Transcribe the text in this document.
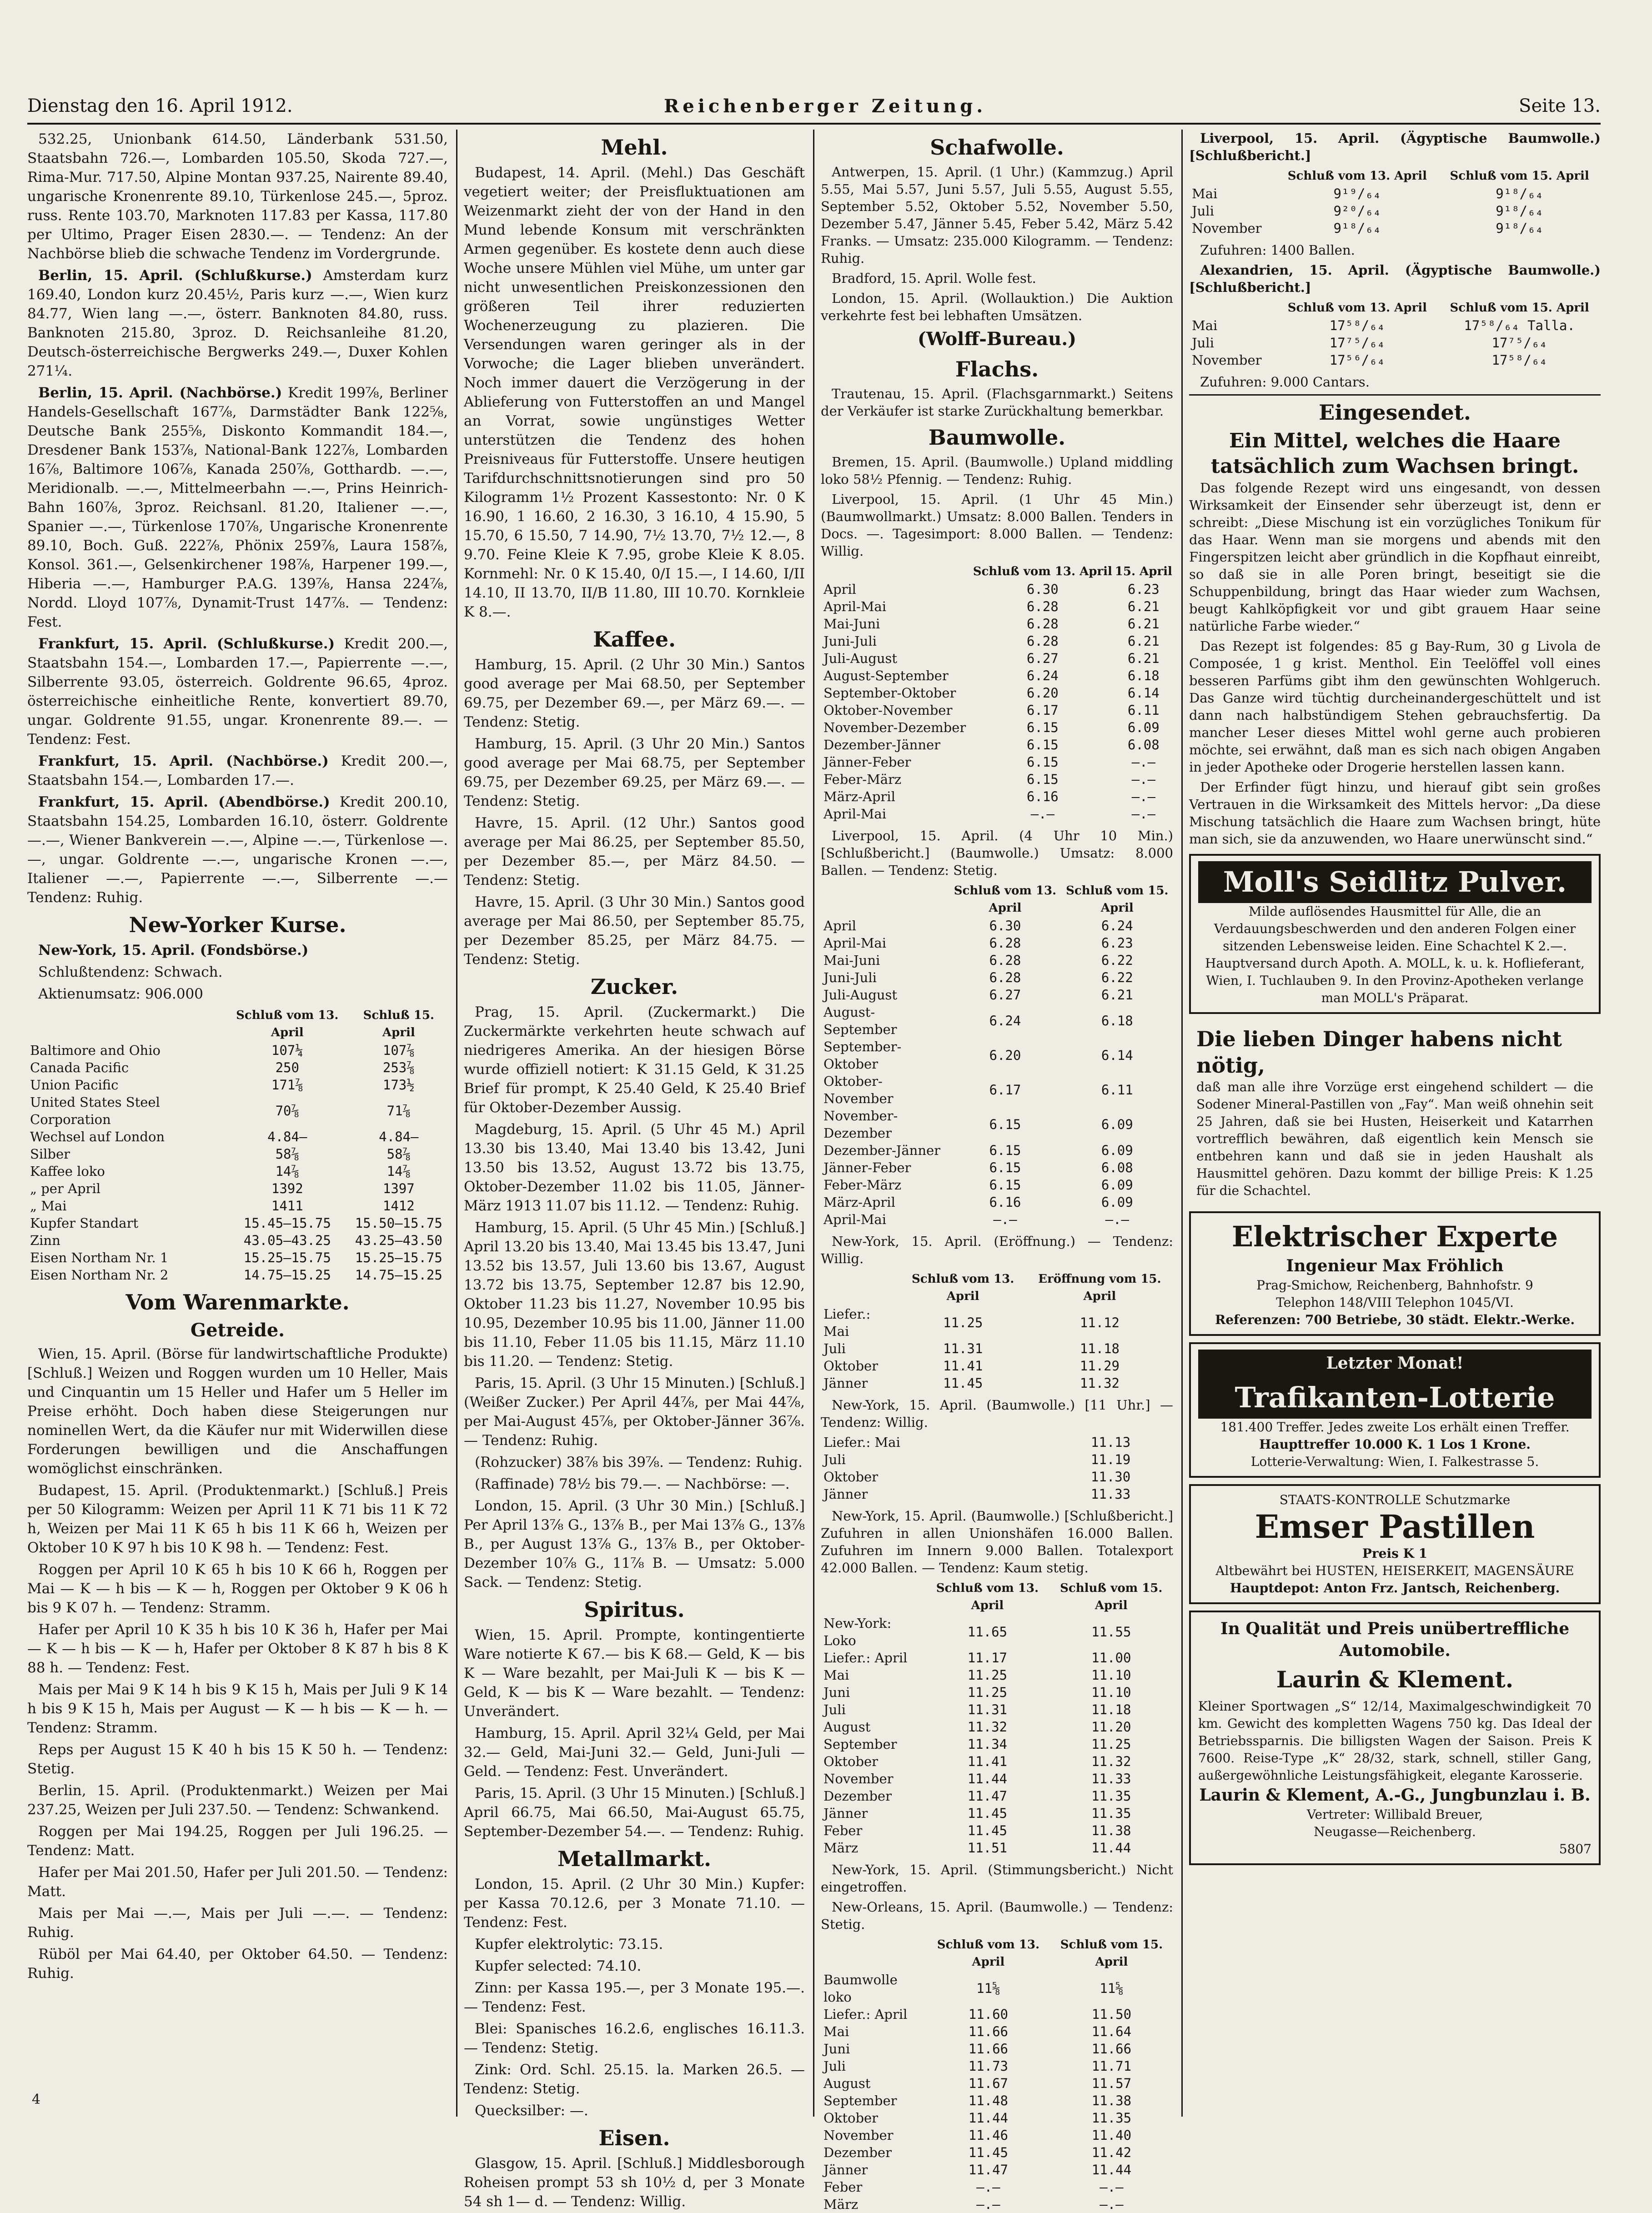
Dienstag den 16. April 1912.	Reichenberger Zeitung.	Seite 13.

532.25, Unionbank 614.50, Länderbank 531.50, Staatsbahn 726.—, Lombarden 105.50, Skoda 727.—, Rima-Mur. 717.50, Alpine Montan 937.25, Nairente 89.40, ungarische Kronenrente 89.10, Türkenlose 245.—, 5proz. russ. Rente 103.70, Marknoten 117.83 per Kassa, 117.80 per Ultimo, Prager Eisen 2830.—. — Tendenz: An der Nachbörse blieb die schwache Tendenz im Vordergrunde.

Berlin, 15. April. (Schlußkurse.) Amsterdam kurz 169.40, London kurz 20.45½, Paris kurz —.—, Wien kurz 84.77, Wien lang —.—, österr. Banknoten 84.80, russ. Banknoten 215.80, 3proz. D. Reichsanleihe 81.20, Deutsch-österreichische Bergwerks 249.—, Duxer Kohlen 271¼.

Berlin, 15. April. (Nachbörse.) Kredit 199⅞, Berliner Handels-Gesellschaft 167⅞, Darmstädter Bank 122⅝, Deutsche Bank 255⅝, Diskonto Kommandit 184.—, Dresdener Bank 153⅞, National-Bank 122⅞, Lombarden 16⅞, Baltimore 106⅞, Kanada 250⅞, Gotthardb. —.—, Meridionalb. —.—, Mittelmeerbahn —.—, Prins Heinrich-Bahn 160⅞, 3proz. Reichsanl. 81.20, Italiener —.—, Spanier —.—, Türkenlose 170⅞, Ungarische Kronenrente 89.10, Boch. Guß. 222⅞, Phönix 259⅞, Laura 158⅞, Konsol. 361.—, Gelsenkirchener 198⅞, Harpener 199.—, Hiberia —.—, Hamburger P.A.G. 139⅞, Hansa 224⅞, Nordd. Lloyd 107⅞, Dynamit-Trust 147⅞. — Tendenz: Fest.

Frankfurt, 15. April. (Schlußkurse.) Kredit 200.—, Staatsbahn 154.—, Lombarden 17.—, Papierrente —.—, Silberrente 93.05, österreich. Goldrente 96.65, 4proz. österreichische einheitliche Rente, konvertiert 89.70, ungar. Goldrente 91.55, ungar. Kronenrente 89.—. — Tendenz: Fest.

Frankfurt, 15. April. (Nachbörse.) Kredit 200.—, Staatsbahn 154.—, Lombarden 17.—.

Frankfurt, 15. April. (Abendbörse.) Kredit 200.10, Staatsbahn 154.25, Lombarden 16.10, österr. Goldrente —.—, Wiener Bankverein —.—, Alpine —.—, Türkenlose —.—, ungar. Goldrente —.—, ungarische Kronen —.—, Italiener —.—, Papierrente —.—, Silberrente —.— Tendenz: Ruhig.

New-Yorker Kurse.

New-York, 15. April. (Fondsbörse.)

Schlußtendenz: Schwach.

Aktienumsatz: 906.000

	Schluß vom 13. April	Schluß 15. April
Baltimore and Ohio	107¼	107⅞
Canada Pacific	250	253⅞
Union Pacific	171⅞	173½
United States Steel Corporation	70⅞	71⅞
Wechsel auf London	4.84—	4.84—
Silber	58⅞	58⅞
Kaffee loko	14⅞	14⅞
„ per April	1392	1397
„ Mai	1411	1412
Kupfer Standart	15.45—15.75	15.50—15.75
Zinn	43.05—43.25	43.25—43.50
Eisen Northam Nr. 1	15.25—15.75	15.25—15.75
Eisen Northam Nr. 2	14.75—15.25	14.75—15.25
Vom Warenmarkte.
Getreide.

Wien, 15. April. (Börse für landwirtschaftliche Produkte) [Schluß.] Weizen und Roggen wurden um 10 Heller, Mais und Cinquantin um 15 Heller und Hafer um 5 Heller im Preise erhöht. Doch haben diese Steigerungen nur nominellen Wert, da die Käufer nur mit Widerwillen diese Forderungen bewilligen und die Anschaffungen womöglichst einschränken.

Budapest, 15. April. (Produktenmarkt.) [Schluß.] Preis per 50 Kilogramm: Weizen per April 11 K 71 bis 11 K 72 h, Weizen per Mai 11 K 65 h bis 11 K 66 h, Weizen per Oktober 10 K 97 h bis 10 K 98 h. — Tendenz: Fest.

Roggen per April 10 K 65 h bis 10 K 66 h, Roggen per Mai — K — h bis — K — h, Roggen per Oktober 9 K 06 h bis 9 K 07 h. — Tendenz: Stramm.

Hafer per April 10 K 35 h bis 10 K 36 h, Hafer per Mai — K — h bis — K — h, Hafer per Oktober 8 K 87 h bis 8 K 88 h. — Tendenz: Fest.

Mais per Mai 9 K 14 h bis 9 K 15 h, Mais per Juli 9 K 14 h bis 9 K 15 h, Mais per August — K — h bis — K — h. — Tendenz: Stramm.

Reps per August 15 K 40 h bis 15 K 50 h. — Tendenz: Stetig.

Berlin, 15. April. (Produktenmarkt.) Weizen per Mai 237.25, Weizen per Juli 237.50. — Tendenz: Schwankend.

Roggen per Mai 194.25, Roggen per Juli 196.25. — Tendenz: Matt.

Hafer per Mai 201.50, Hafer per Juli 201.50. — Tendenz: Matt.

Mais per Mai —.—, Mais per Juli —.—. — Tendenz: Ruhig.

Rüböl per Mai 64.40, per Oktober 64.50. — Tendenz: Ruhig.

Mehl.

Budapest, 14. April. (Mehl.) Das Geschäft vegetiert weiter; der Preisfluktuationen am Weizenmarkt zieht der von der Hand in den Mund lebende Konsum mit verschränkten Armen gegenüber. Es kostete denn auch diese Woche unsere Mühlen viel Mühe, um unter gar nicht unwesentlichen Preiskonzessionen den größeren Teil ihrer reduzierten Wochenerzeugung zu plazieren. Die Versendungen waren geringer als in der Vorwoche; die Lager blieben unverändert. Noch immer dauert die Verzögerung in der Ablieferung von Futterstoffen an und Mangel an Vorrat, sowie ungünstiges Wetter unterstützen die Tendenz des hohen Preisniveaus für Futterstoffe. Unsere heutigen Tarifdurchschnittsnotierungen sind pro 50 Kilogramm 1½ Prozent Kassestonto: Nr. 0 K 16.90, 1 16.60, 2 16.30, 3 16.10, 4 15.90, 5 15.70, 6 15.50, 7 14.90, 7½ 13.70, 7½ 12.—, 8 9.70. Feine Kleie K 7.95, grobe Kleie K 8.05. Kornmehl: Nr. 0 K 15.40, 0/I 15.—, I 14.60, I/II 14.10, II 13.70, II/B 11.80, III 10.70. Kornkleie K 8.—.

Kaffee.

Hamburg, 15. April. (2 Uhr 30 Min.) Santos good average per Mai 68.50, per September 69.75, per Dezember 69.—, per März 69.—. — Tendenz: Stetig.

Hamburg, 15. April. (3 Uhr 20 Min.) Santos good average per Mai 68.75, per September 69.75, per Dezember 69.25, per März 69.—. — Tendenz: Stetig.

Havre, 15. April. (12 Uhr.) Santos good average per Mai 86.25, per September 85.50, per Dezember 85.—, per März 84.50. — Tendenz: Stetig.

Havre, 15. April. (3 Uhr 30 Min.) Santos good average per Mai 86.50, per September 85.75, per Dezember 85.25, per März 84.75. — Tendenz: Stetig.

Zucker.

Prag, 15. April. (Zuckermarkt.) Die Zuckermärkte verkehrten heute schwach auf niedrigeres Amerika. An der hiesigen Börse wurde offiziell notiert: K 31.15 Geld, K 31.25 Brief für prompt, K 25.40 Geld, K 25.40 Brief für Oktober-Dezember Aussig.

Magdeburg, 15. April. (5 Uhr 45 M.) April 13.30 bis 13.40, Mai 13.40 bis 13.42, Juni 13.50 bis 13.52, August 13.72 bis 13.75, Oktober-Dezember 11.02 bis 11.05, Jänner-März 1913 11.07 bis 11.12. — Tendenz: Ruhig.

Hamburg, 15. April. (5 Uhr 45 Min.) [Schluß.] April 13.20 bis 13.40, Mai 13.45 bis 13.47, Juni 13.52 bis 13.57, Juli 13.60 bis 13.67, August 13.72 bis 13.75, September 12.87 bis 12.90, Oktober 11.23 bis 11.27, November 10.95 bis 10.95, Dezember 10.95 bis 11.00, Jänner 11.00 bis 11.10, Feber 11.05 bis 11.15, März 11.10 bis 11.20. — Tendenz: Stetig.

Paris, 15. April. (3 Uhr 15 Minuten.) [Schluß.] (Weißer Zucker.) Per April 44⅞, per Mai 44⅞, per Mai-August 45⅞, per Oktober-Jänner 36⅞. — Tendenz: Ruhig.

(Rohzucker) 38⅞ bis 39⅞. — Tendenz: Ruhig.

(Raffinade) 78½ bis 79.—. — Nachbörse: —.

London, 15. April. (3 Uhr 30 Min.) [Schluß.] Per April 13⅞ G., 13⅞ B., per Mai 13⅞ G., 13⅞ B., per August 13⅞ G., 13⅞ B., per Oktober-Dezember 10⅞ G., 11⅞ B. — Umsatz: 5.000 Sack. — Tendenz: Stetig.

Spiritus.

Wien, 15. April. Prompte, kontingentierte Ware notierte K 67.— bis K 68.— Geld, K — bis K — Ware bezahlt, per Mai-Juli K — bis K — Geld, K — bis K — Ware bezahlt. — Tendenz: Unverändert.

Hamburg, 15. April. April 32¼ Geld, per Mai 32.— Geld, Mai-Juni 32.— Geld, Juni-Juli — Geld. — Tendenz: Fest. Unverändert.

Paris, 15. April. (3 Uhr 15 Minuten.) [Schluß.] April 66.75, Mai 66.50, Mai-August 65.75, September-Dezember 54.—. — Tendenz: Ruhig.

Metallmarkt.

London, 15. April. (2 Uhr 30 Min.) Kupfer: per Kassa 70.12.6, per 3 Monate 71.10. — Tendenz: Fest.

Kupfer elektrolytic: 73.15.

Kupfer selected: 74.10.

Zinn: per Kassa 195.—, per 3 Monate 195.—. — Tendenz: Fest.

Blei: Spanisches 16.2.6, englisches 16.11.3. — Tendenz: Stetig.

Zink: Ord. Schl. 25.15. la. Marken 26.5. — Tendenz: Stetig.

Quecksilber: —.

Eisen.

Glasgow, 15. April. [Schluß.] Middlesborough Roheisen prompt 53 sh 10½ d, per 3 Monate 54 sh 1— d. — Tendenz: Willig.

Schafwolle.

Antwerpen, 15. April. (1 Uhr.) (Kammzug.) April 5.55, Mai 5.57, Juni 5.57, Juli 5.55, August 5.55, September 5.52, Oktober 5.52, November 5.50, Dezember 5.47, Jänner 5.45, Feber 5.42, März 5.42 Franks. — Umsatz: 235.000 Kilogramm. — Tendenz: Ruhig.

Bradford, 15. April. Wolle fest.

London, 15. April. (Wollauktion.) Die Auktion verkehrte fest bei lebhaften Umsätzen.

(Wolff-Bureau.)
Flachs.

Trautenau, 15. April. (Flachsgarnmarkt.) Seitens der Verkäufer ist starke Zurückhaltung bemerkbar.

Baumwolle.

Bremen, 15. April. (Baumwolle.) Upland middling loko 58½ Pfennig. — Tendenz: Ruhig.

Liverpool, 15. April. (1 Uhr 45 Min.) (Baumwollmarkt.) Umsatz: 8.000 Ballen. Tenders in Docs. —. Tagesimport: 8.000 Ballen. — Tendenz: Willig.

	Schluß vom 13. April	15. April
April	6.30	6.23
April-Mai	6.28	6.21
Mai-Juni	6.28	6.21
Juni-Juli	6.28	6.21
Juli-August	6.27	6.21
August-September	6.24	6.18
September-Oktober	6.20	6.14
Oktober-November	6.17	6.11
November-Dezember	6.15	6.09
Dezember-Jänner	6.15	6.08
Jänner-Feber	6.15	—.—
Feber-März	6.15	—.—
März-April	6.16	—.—
April-Mai	—.—	—.—

Liverpool, 15. April. (4 Uhr 10 Min.) [Schlußbericht.] (Baumwolle.) Umsatz: 8.000 Ballen. — Tendenz: Stetig.

	Schluß vom 13. April	Schluß vom 15. April
April	6.30	6.24
April-Mai	6.28	6.23
Mai-Juni	6.28	6.22
Juni-Juli	6.28	6.22
Juli-August	6.27	6.21
August-September	6.24	6.18
September-Oktober	6.20	6.14
Oktober-November	6.17	6.11
November-Dezember	6.15	6.09
Dezember-Jänner	6.15	6.09
Jänner-Feber	6.15	6.08
Feber-März	6.15	6.09
März-April	6.16	6.09
April-Mai	—.—	—.—

New-York, 15. April. (Eröffnung.) — Tendenz: Willig.

	Schluß vom 13. April	Eröffnung vom 15. April
Liefer.: Mai	11.25	11.12
Juli	11.31	11.18
Oktober	11.41	11.29
Jänner	11.45	11.32

New-York, 15. April. (Baumwolle.) [11 Uhr.] — Tendenz: Willig.

Liefer.: Mai	11.13
Juli	11.19
Oktober	11.30
Jänner	11.33

New-York, 15. April. (Baumwolle.) [Schlußbericht.] Zufuhren in allen Unionshäfen 16.000 Ballen. Zufuhren im Innern 9.000 Ballen. Totalexport 42.000 Ballen. — Tendenz: Kaum stetig.

	Schluß vom 13. April	Schluß vom 15. April
New-York: Loko	11.65	11.55
Liefer.: April	11.17	11.00
Mai	11.25	11.10
Juni	11.25	11.10
Juli	11.31	11.18
August	11.32	11.20
September	11.34	11.25
Oktober	11.41	11.32
November	11.44	11.33
Dezember	11.47	11.35
Jänner	11.45	11.35
Feber	11.45	11.38
März	11.51	11.44

New-York, 15. April. (Stimmungsbericht.) Nicht eingetroffen.

New-Orleans, 15. April. (Baumwolle.) — Tendenz: Stetig.

	Schluß vom 13. April	Schluß vom 15. April
Baumwolle loko	11⅝	11⅝
Liefer.: April	11.60	11.50
Mai	11.66	11.64
Juni	11.66	11.66
Juli	11.73	11.71
August	11.67	11.57
September	11.48	11.38
Oktober	11.44	11.35
November	11.46	11.40
Dezember	11.45	11.42
Jänner	11.47	11.44
Feber	—.—	—.—
März	—.—	—.—

Liverpool, 15. April. (Ägyptische Baumwolle.) [Schlußbericht.]

	Schluß vom 13. April	Schluß vom 15. April
Mai	9¹⁹/₆₄	9¹⁸/₆₄
Juli	9²⁰/₆₄	9¹⁸/₆₄
November	9¹⁸/₆₄	9¹⁸/₆₄

Zufuhren: 1400 Ballen.

Alexandrien, 15. April. (Ägyptische Baumwolle.) [Schlußbericht.]

	Schluß vom 13. April	Schluß vom 15. April
Mai	17⁵⁸/₆₄	17⁵⁸/₆₄ Talla.
Juli	17⁷⁵/₆₄	17⁷⁵/₆₄
November	17⁵⁶/₆₄	17⁵⁸/₆₄

Zufuhren: 9.000 Cantars.

Eingesendet.
Ein Mittel, welches die Haare tatsächlich zum Wachsen bringt.

Das folgende Rezept wird uns eingesandt, von dessen Wirksamkeit der Einsender sehr überzeugt ist, denn er schreibt: „Diese Mischung ist ein vorzügliches Tonikum für das Haar. Wenn man sie morgens und abends mit den Fingerspitzen leicht aber gründlich in die Kopfhaut einreibt, so daß sie in alle Poren bringt, beseitigt sie die Schuppenbildung, bringt das Haar wieder zum Wachsen, beugt Kahlköpfigkeit vor und gibt grauem Haar seine natürliche Farbe wieder.“

Das Rezept ist folgendes: 85 g Bay-Rum, 30 g Livola de Composée, 1 g krist. Menthol. Ein Teelöffel voll eines besseren Parfüms gibt ihm den gewünschten Wohlgeruch. Das Ganze wird tüchtig durcheinandergeschüttelt und ist dann nach halbstündigem Stehen gebrauchsfertig. Da mancher Leser dieses Mittel wohl gerne auch probieren möchte, sei erwähnt, daß man es sich nach obigen Angaben in jeder Apotheke oder Drogerie herstellen lassen kann.

Der Erfinder fügt hinzu, und hierauf gibt sein großes Vertrauen in die Wirksamkeit des Mittels hervor: „Da diese Mischung tatsächlich die Haare zum Wachsen bringt, hüte man sich, sie da anzuwenden, wo Haare unerwünscht sind.“

Moll's Seidlitz Pulver.
Milde auflösendes Hausmittel für Alle, die an Verdauungsbeschwerden und den anderen Folgen einer sitzenden Lebensweise leiden. Eine Schachtel K 2.—. Hauptversand durch Apoth. A. MOLL, k. u. k. Hoflieferant, Wien, I. Tuchlauben 9. In den Provinz-Apotheken verlange man MOLL's Präparat.
Die lieben Dinger habens nicht nötig,
daß man alle ihre Vorzüge erst eingehend schildert — die Sodener Mineral-Pastillen von „Fay“. Man weiß ohnehin seit 25 Jahren, daß sie bei Husten, Heiserkeit und Katarrhen vortrefflich bewähren, daß eigentlich kein Mensch sie entbehren kann und daß sie in jeden Haushalt als Hausmittel gehören. Dazu kommt der billige Preis: K 1.25 für die Schachtel.
Elektrischer Experte
Ingenieur Max Fröhlich
Prag-Smichow, Reichenberg, Bahnhofstr. 9
Telephon 148/VIII Telephon 1045/VI.
Referenzen: 700 Betriebe, 30 städt. Elektr.-Werke.
Letzter Monat!
Trafikanten-Lotterie
181.400 Treffer. Jedes zweite Los erhält einen Treffer.
Haupttreffer 10.000 K. 1 Los 1 Krone.
Lotterie-Verwaltung: Wien, I. Falkestrasse 5.
STAATS-KONTROLLE Schutzmarke
Emser Pastillen
Preis K 1
Altbewährt bei HUSTEN, HEISERKEIT, MAGENSÄURE
Hauptdepot: Anton Frz. Jantsch, Reichenberg.
In Qualität und Preis unübertreffliche Automobile.
Laurin & Klement.
Kleiner Sportwagen „S“ 12/14, Maximalgeschwindigkeit 70 km. Gewicht des kompletten Wagens 750 kg. Das Ideal der Betriebssparnis. Die billigsten Wagen der Saison. Preis K 7600. Reise-Type „K“ 28/32, stark, schnell, stiller Gang, außergewöhnliche Leistungsfähigkeit, elegante Karosserie.
Laurin & Klement, A.-G., Jungbunzlau i. B.
Vertreter: Willibald Breuer,
Neugasse—Reichenberg.
5807
4
